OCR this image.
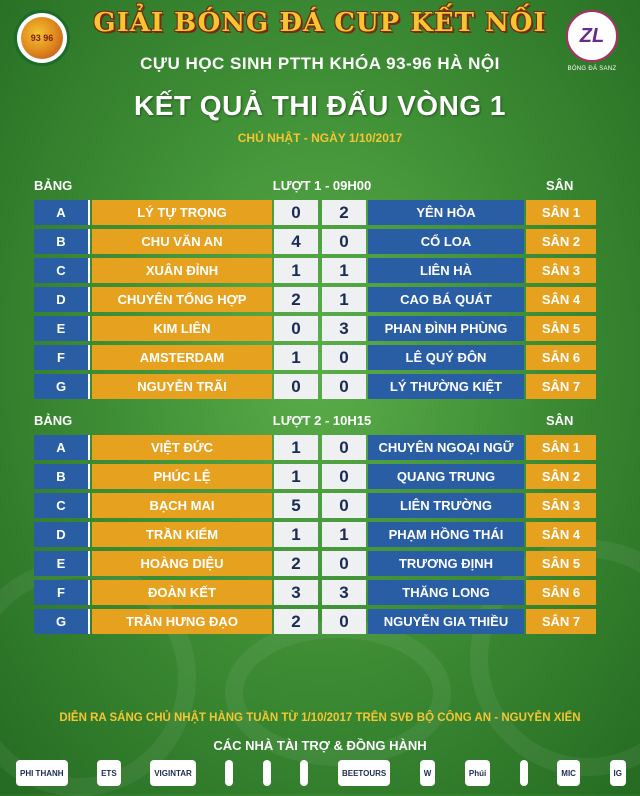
93 96	GIẢI BÓNG ĐÁ CUP KẾT NỐI
CỰU HỌC SINH PTTH KHÓA 93-96 HÀ NỘI
ZL
BÓNG ĐÁ SANZ
KẾT QUẢ THI ĐẤU VÒNG 1
CHỦ NHẬT - NGÀY 1/10/2017
BẢNG	LƯỢT 1 - 09H00	SÂN
A	LÝ TỰ TRỌNG	0	2	YÊN HÒA	SÂN 1
B	CHU VĂN AN	4	0	CỔ LOA	SÂN 2
C	XUÂN ĐỈNH	1	1	LIÊN HÀ	SÂN 3
D	CHUYÊN TỔNG HỢP	2	1	CAO BÁ QUÁT	SÂN 4
E	KIM LIÊN	0	3	PHAN ĐÌNH PHÙNG	SÂN 5
F	AMSTERDAM	1	0	LÊ QUÝ ĐÔN	SÂN 6
G	NGUYỄN TRÃI	0	0	LÝ THƯỜNG KIỆT	SÂN 7
BẢNG	LƯỢT 2 - 10H15	SÂN
A	VIỆT ĐỨC	1	0	CHUYÊN NGOẠI NGỮ	SÂN 1
B	PHÚC LỆ	1	0	QUANG TRUNG	SÂN 2
C	BẠCH MAI	5	0	LIÊN TRƯỜNG	SÂN 3
D	TRẦN KIỂM	1	1	PHẠM HỒNG THÁI	SÂN 4
E	HOÀNG DIỆU	2	0	TRƯƠNG ĐỊNH	SÂN 5
F	ĐOÀN KẾT	3	3	THĂNG LONG	SÂN 6
G	TRẦN HƯNG ĐẠO	2	0	NGUYỄN GIA THIỀU	SÂN 7
DIỄN RA SÁNG CHỦ NHẬT HÀNG TUẦN TỪ 1/10/2017 TRÊN SVĐ BỘ CÔNG AN - NGUYỄN XIỂN
CÁC NHÀ TÀI TRỢ & ĐỒNG HÀNH
PHI THANH	ETS	VIGINTAR	BEETOURS	W	Phúi	MIC	IG
